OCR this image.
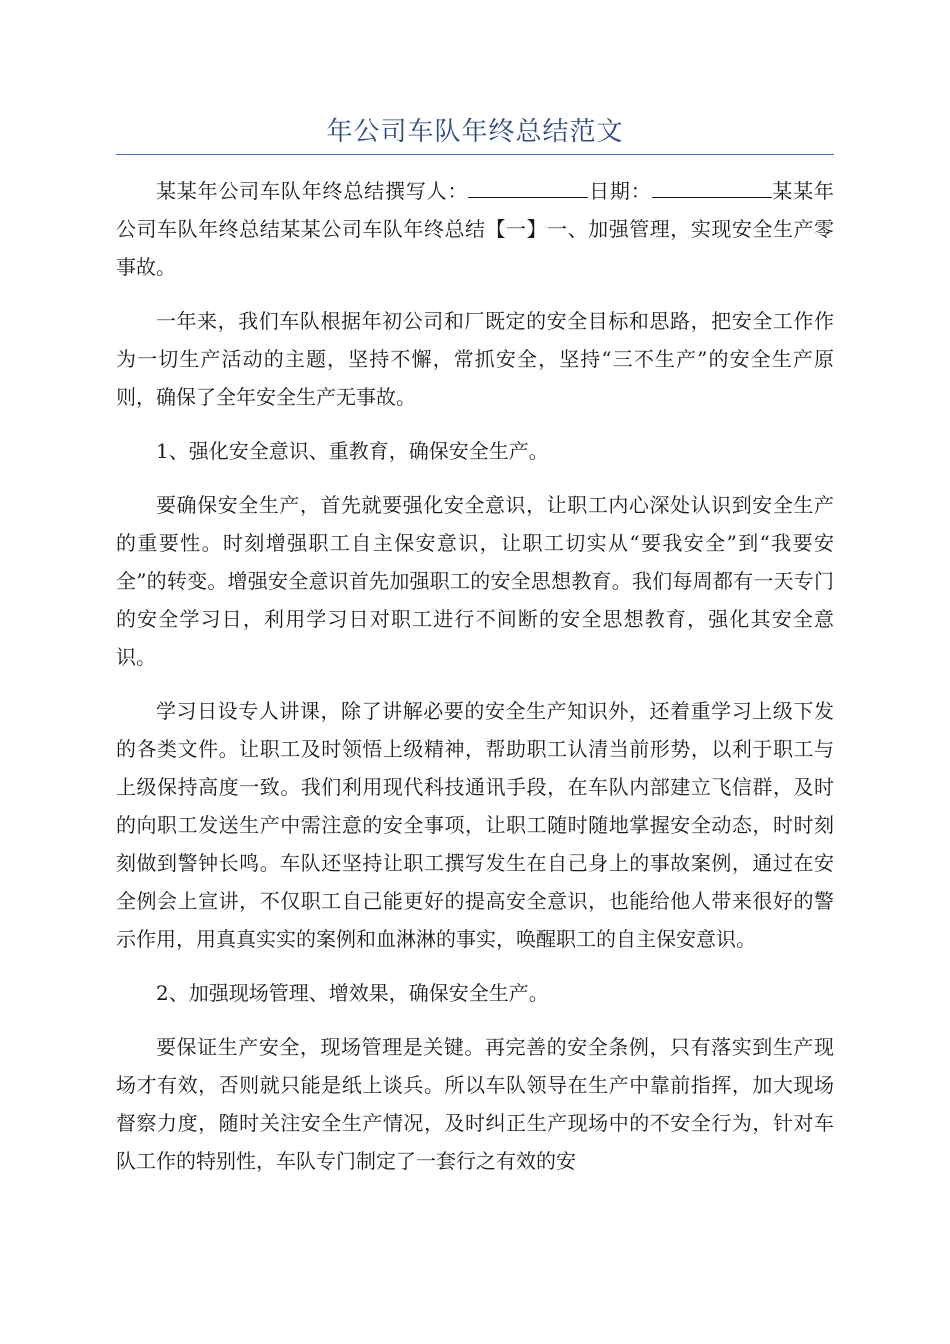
年公司车队年终总结范文

某某年公司车队年终总结撰写人：	日期：	某某年公司车队年终总结某某公司车队年终总结【一】一、加强管理，实现安全生产零事故。

一年来，我们车队根据年初公司和厂既定的安全目标和思路，把安全工作作为一切生产活动的主题，坚持不懈，常抓安全，坚持“三不生产”的安全生产原则，确保了全年安全生产无事故。

1、强化安全意识、重教育，确保安全生产。

要确保安全生产，首先就要强化安全意识，让职工内心深处认识到安全生产的重要性。时刻增强职工自主保安意识，让职工切实从“要我安全”到“我要安全”的转变。增强安全意识首先加强职工的安全思想教育。我们每周都有一天专门的安全学习日，利用学习日对职工进行不间断的安全思想教育，强化其安全意识。

学习日设专人讲课，除了讲解必要的安全生产知识外，还着重学习上级下发的各类文件。让职工及时领悟上级精神，帮助职工认清当前形势，以利于职工与上级保持高度一致。我们利用现代科技通讯手段，在车队内部建立飞信群，及时的向职工发送生产中需注意的安全事项，让职工随时随地掌握安全动态，时时刻刻做到警钟长鸣。车队还坚持让职工撰写发生在自己身上的事故案例，通过在安全例会上宣讲，不仅职工自己能更好的提高安全意识，也能给他人带来很好的警示作用，用真真实实的案例和血淋淋的事实，唤醒职工的自主保安意识。

2、加强现场管理、增效果，确保安全生产。

要保证生产安全，现场管理是关键。再完善的安全条例，只有落实到生产现场才有效，否则就只能是纸上谈兵。所以车队领导在生产中靠前指挥，加大现场督察力度，随时关注安全生产情况，及时纠正生产现场中的不安全行为，针对车队工作的特别性，车队专门制定了一套行之有效的安
